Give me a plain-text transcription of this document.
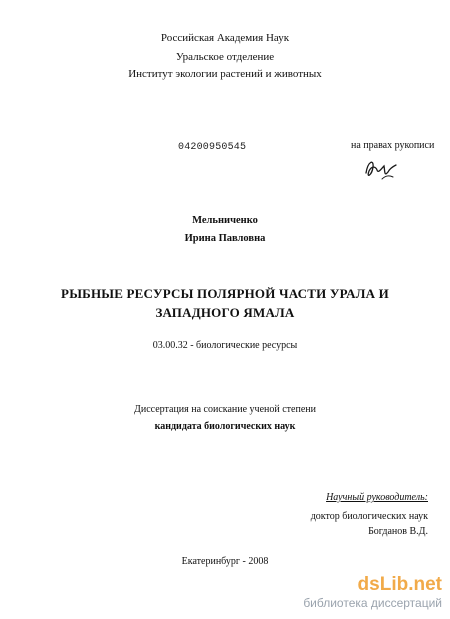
Российская Академия Наук
Уральское отделение
Институт экологии растений и животных
04200950545	на правах рукописи
Мельниченко
Ирина Павловна
РЫБНЫЕ РЕСУРСЫ ПОЛЯРНОЙ ЧАСТИ УРАЛА И
ЗАПАДНОГО ЯМАЛА
03.00.32 - биологические ресурсы
Диссертация на соискание ученой степени
кандидата биологических наук
Научный руководитель:
доктор биологических наук
Богданов В.Д.
Екатеринбург - 2008
dsLib.net
библиотека диссертаций
